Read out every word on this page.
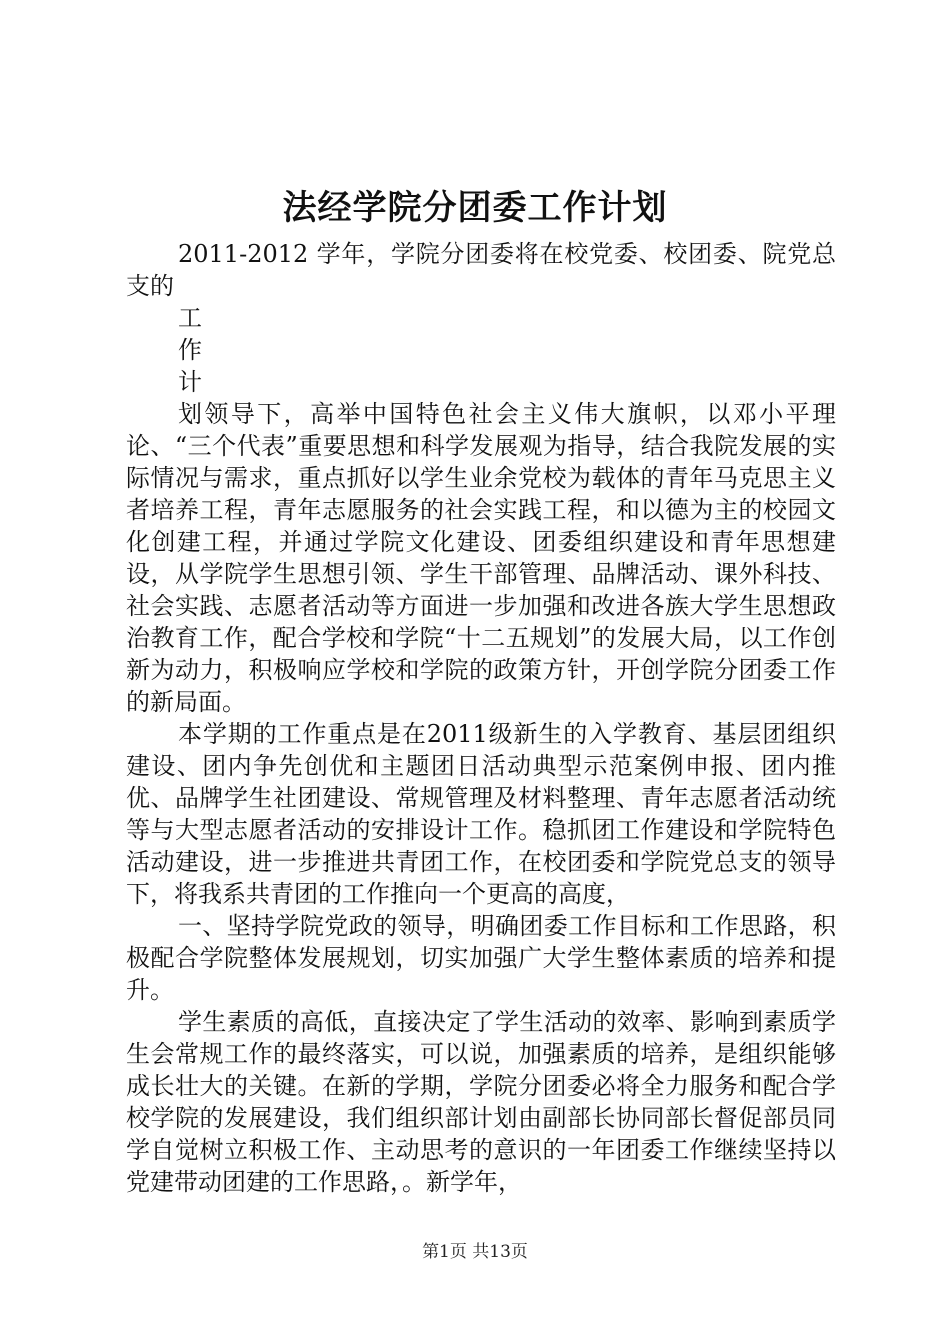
法经学院分团委工作计划

2011-2012 学年，学院分团委将在校党委、校团委、院党总支的

工
作
计

划领导下，高举中国特色社会主义伟大旗帜，以邓小平理论、“三个代表”重要思想和科学发展观为指导，结合我院发展的实际情况与需求，重点抓好以学生业余党校为载体的青年马克思主义者培养工程，青年志愿服务的社会实践工程，和以德为主的校园文化创建工程，并通过学院文化建设、团委组织建设和青年思想建设，从学院学生思想引领、学生干部管理、品牌活动、课外科技、社会实践、志愿者活动等方面进一步加强和改进各族大学生思想政治教育工作，配合学校和学院“十二五规划”的发展大局，以工作创新为动力，积极响应学校和学院的政策方针，开创学院分团委工作的新局面。

本学期的工作重点是在2011级新生的入学教育、基层团组织建设、团内争先创优和主题团日活动典型示范案例申报、团内推优、品牌学生社团建设、常规管理及材料整理、青年志愿者活动统等与大型志愿者活动的安排设计工作。稳抓团工作建设和学院特色活动建设，进一步推进共青团工作，在校团委和学院党总支的领导下，将我系共青团的工作推向一个更高的高度，

一、坚持学院党政的领导，明确团委工作目标和工作思路，积极配合学院整体发展规划，切实加强广大学生整体素质的培养和提升。

学生素质的高低，直接决定了学生活动的效率、影响到素质学生会常规工作的最终落实，可以说，加强素质的培养，是组织能够成长壮大的关键。在新的学期，学院分团委必将全力服务和配合学校学院的发展建设，我们组织部计划由副部长协同部长督促部员同学自觉树立积极工作、主动思考的意识的一年团委工作继续坚持以党建带动团建的工作思路，。新学年，

第1页 共13页
